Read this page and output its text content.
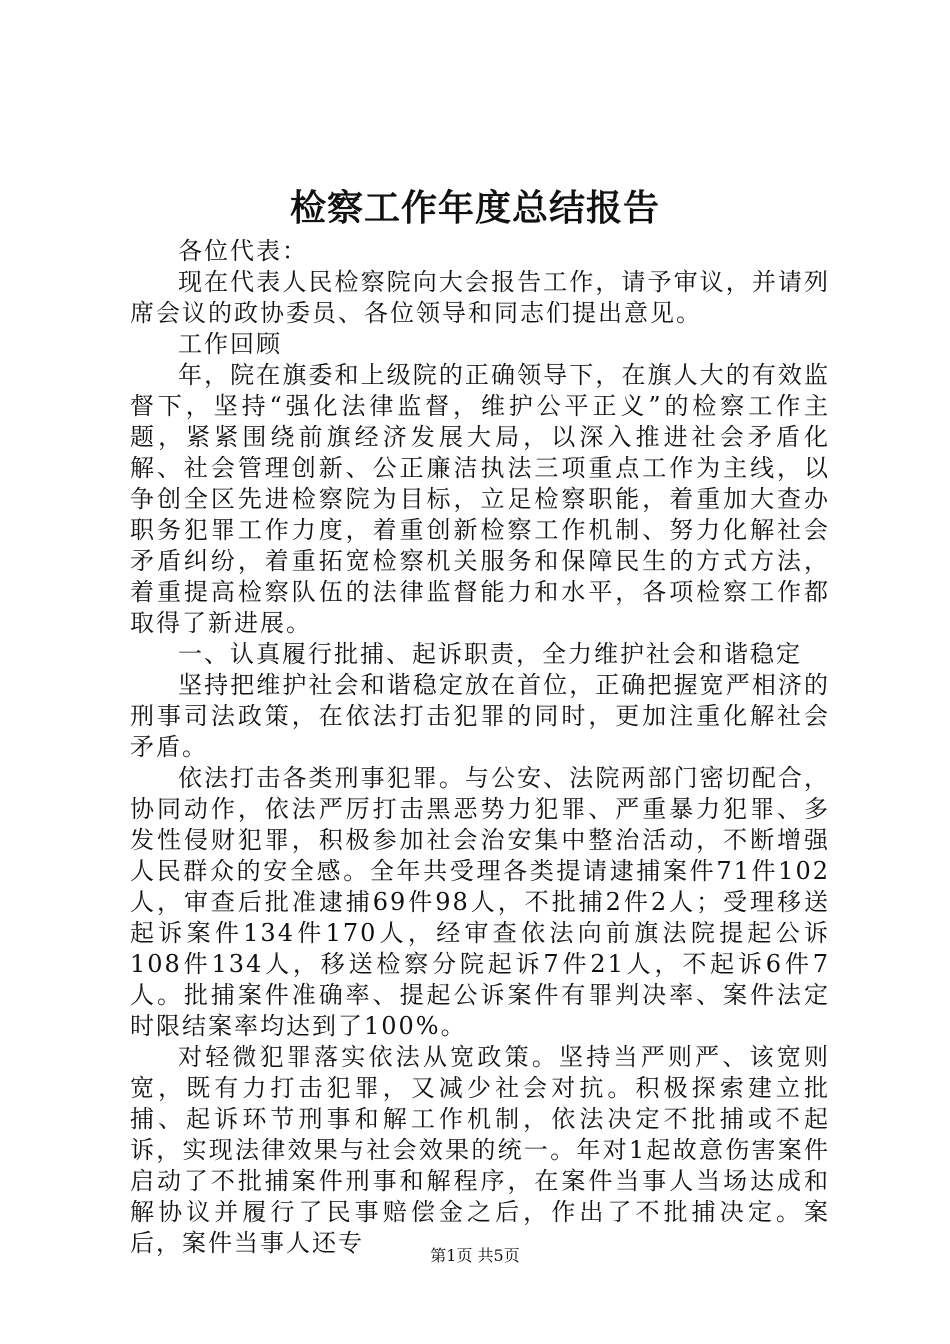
检察工作年度总结报告

各位代表：

现在代表人民检察院向大会报告工作，请予审议，并请列席会议的政协委员、各位领导和同志们提出意见。

工作回顾

年，院在旗委和上级院的正确领导下，在旗人大的有效监督下，坚持“强化法律监督，维护公平正义”的检察工作主题，紧紧围绕前旗经济发展大局，以深入推进社会矛盾化解、社会管理创新、公正廉洁执法三项重点工作为主线，以争创全区先进检察院为目标，立足检察职能，着重加大查办职务犯罪工作力度，着重创新检察工作机制、努力化解社会矛盾纠纷，着重拓宽检察机关服务和保障民生的方式方法，着重提高检察队伍的法律监督能力和水平，各项检察工作都取得了新进展。

一、认真履行批捕、起诉职责，全力维护社会和谐稳定

坚持把维护社会和谐稳定放在首位，正确把握宽严相济的刑事司法政策，在依法打击犯罪的同时，更加注重化解社会矛盾。

依法打击各类刑事犯罪。与公安、法院两部门密切配合，协同动作，依法严厉打击黑恶势力犯罪、严重暴力犯罪、多发性侵财犯罪，积极参加社会治安集中整治活动，不断增强人民群众的安全感。全年共受理各类提请逮捕案件71件102人，审查后批准逮捕69件98人，不批捕2件2人；受理移送起诉案件134件170人，经审查依法向前旗法院提起公诉108件134人，移送检察分院起诉7件21人，不起诉6件7人。批捕案件准确率、提起公诉案件有罪判决率、案件法定时限结案率均达到了100%。

对轻微犯罪落实依法从宽政策。坚持当严则严、该宽则宽，既有力打击犯罪，又减少社会对抗。积极探索建立批捕、起诉环节刑事和解工作机制，依法决定不批捕或不起诉，实现法律效果与社会效果的统一。年对1起故意伤害案件启动了不批捕案件刑事和解程序，在案件当事人当场达成和解协议并履行了民事赔偿金之后，作出了不批捕决定。案后，案件当事人还专	第1页 共5页
